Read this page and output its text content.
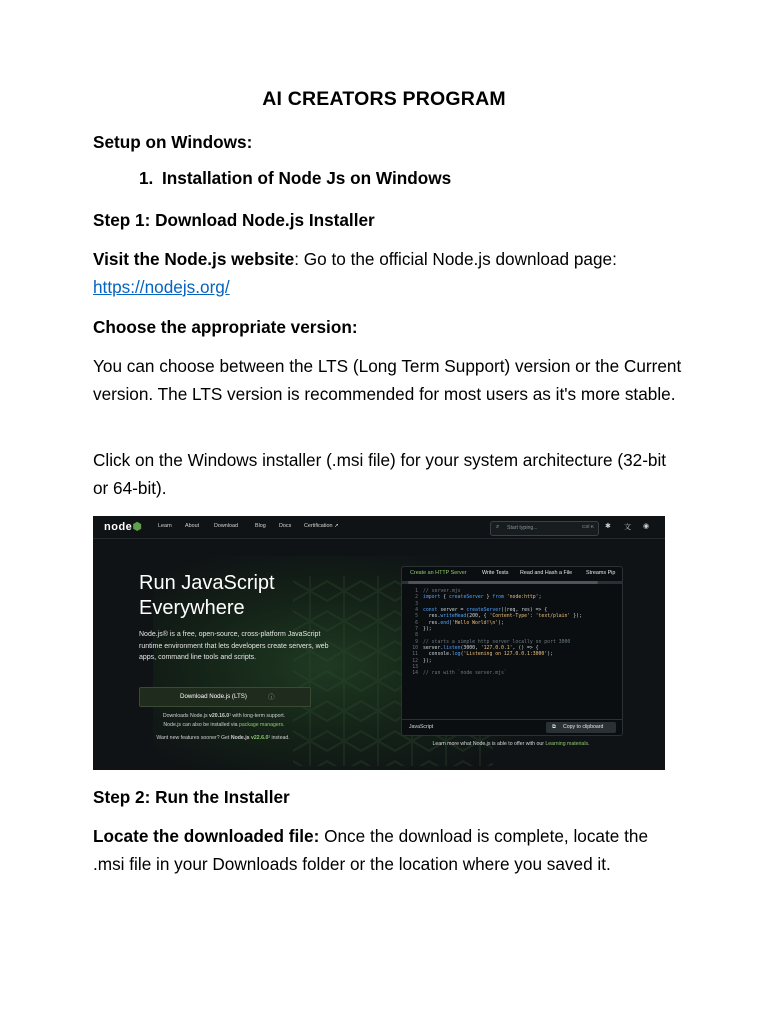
AI CREATORS PROGRAM

Setup on Windows:

1. Installation of Node Js on Windows

Step 1: Download Node.js Installer

Visit the Node.js website: Go to the official Node.js download page:
https://nodejs.org/

Choose the appropriate version:

You can choose between the LTS (Long Term Support) version or the Current version. The LTS version is recommended for most users as it's more stable.

Click on the Windows installer (.msi file) for your system architecture (32-bit or 64-bit).

node⬢	Learn About	Download	Blog Docs Certification ↗	⌕ Start typing...	Ctrl K ✱ 文 ◉
Run JavaScript
Everywhere
Node.js® is a free, open-source, cross-platform JavaScript runtime environment that lets developers create servers, web apps, command line tools and scripts.
Download Node.js (LTS)	ⓘ
Downloads Node.js v20.16.0¹ with long-term support.
Node.js can also be installed via package managers.
Want new features sooner? Get Node.js v22.6.0¹ instead.
Create an HTTP Server	Write Tests Read and Hash a File	Streams Pip
1 // server.mjs
2 import { createServer } from 'node:http';
3
4 const server = createServer((req, res) => {
5  res.writeHead(200, { 'Content-Type': 'text/plain' });
6  res.end('Hello World!\n');
7 });
8
9 // starts a simple http server locally on port 3000
10 server.listen(3000, '127.0.0.1', () => {
11  console.log('Listening on 127.0.0.1:3000');
12 });
13
14 // run with `node server.mjs`
JavaScript	⧉ Copy to clipboard
Learn more what Node.js is able to offer with our Learning materials.

Step 2: Run the Installer

Locate the downloaded file: Once the download is complete, locate the .msi file in your Downloads folder or the location where you saved it.
